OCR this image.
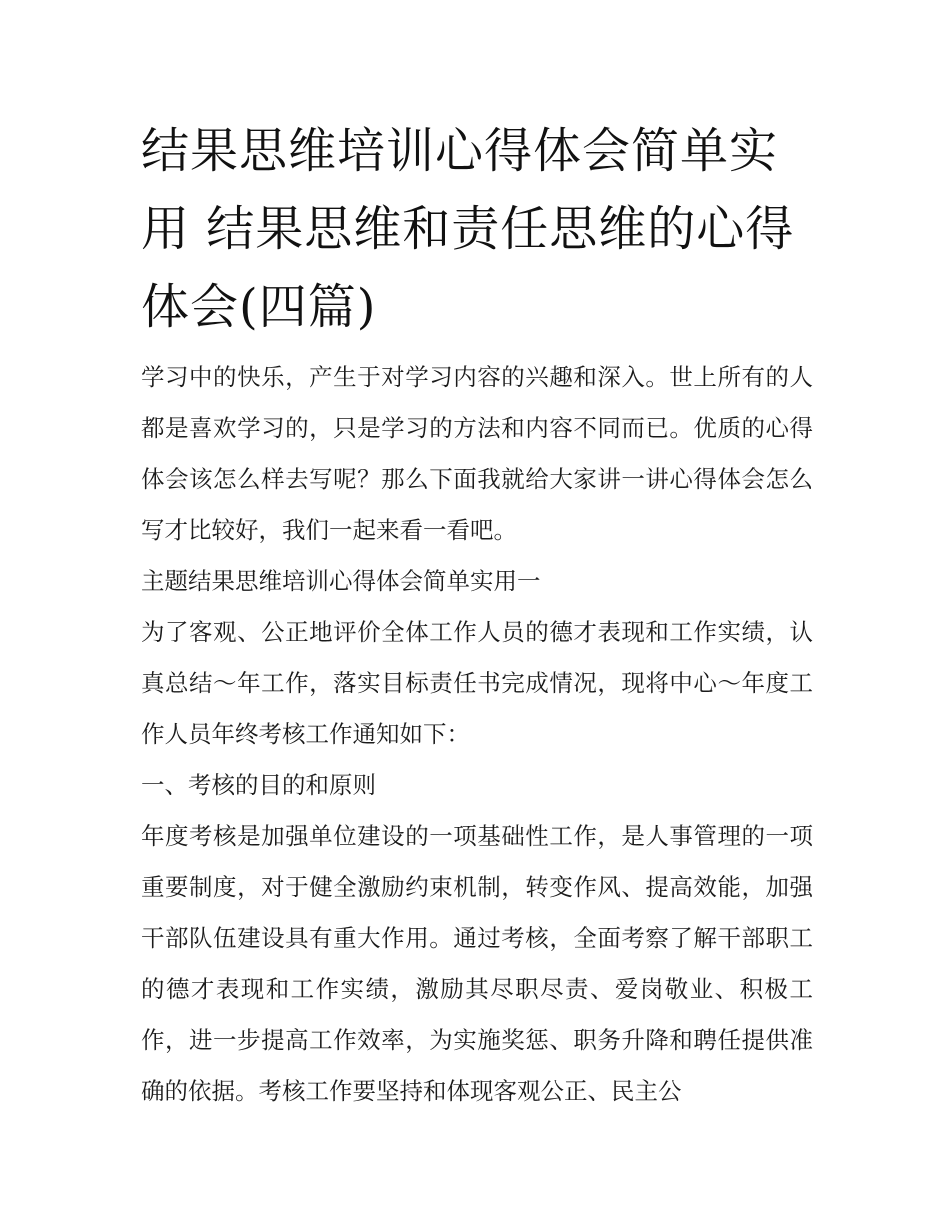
结果思维培训心得体会简单实用 结果思维和责任思维的心得体会(四篇)

学习中的快乐，产生于对学习内容的兴趣和深入。世上所有的人都是喜欢学习的，只是学习的方法和内容不同而已。优质的心得体会该怎么样去写呢？那么下面我就给大家讲一讲心得体会怎么写才比较好，我们一起来看一看吧。

主题结果思维培训心得体会简单实用一

为了客观、公正地评价全体工作人员的德才表现和工作实绩，认真总结～年工作，落实目标责任书完成情况，现将中心～年度工作人员年终考核工作通知如下：

一、考核的目的和原则

年度考核是加强单位建设的一项基础性工作，是人事管理的一项重要制度，对于健全激励约束机制，转变作风、提高效能，加强干部队伍建设具有重大作用。通过考核，全面考察了解干部职工的德才表现和工作实绩，激励其尽职尽责、爱岗敬业、积极工作，进一步提高工作效率，为实施奖惩、职务升降和聘任提供准确的依据。考核工作要坚持和体现客观公正、民主公
